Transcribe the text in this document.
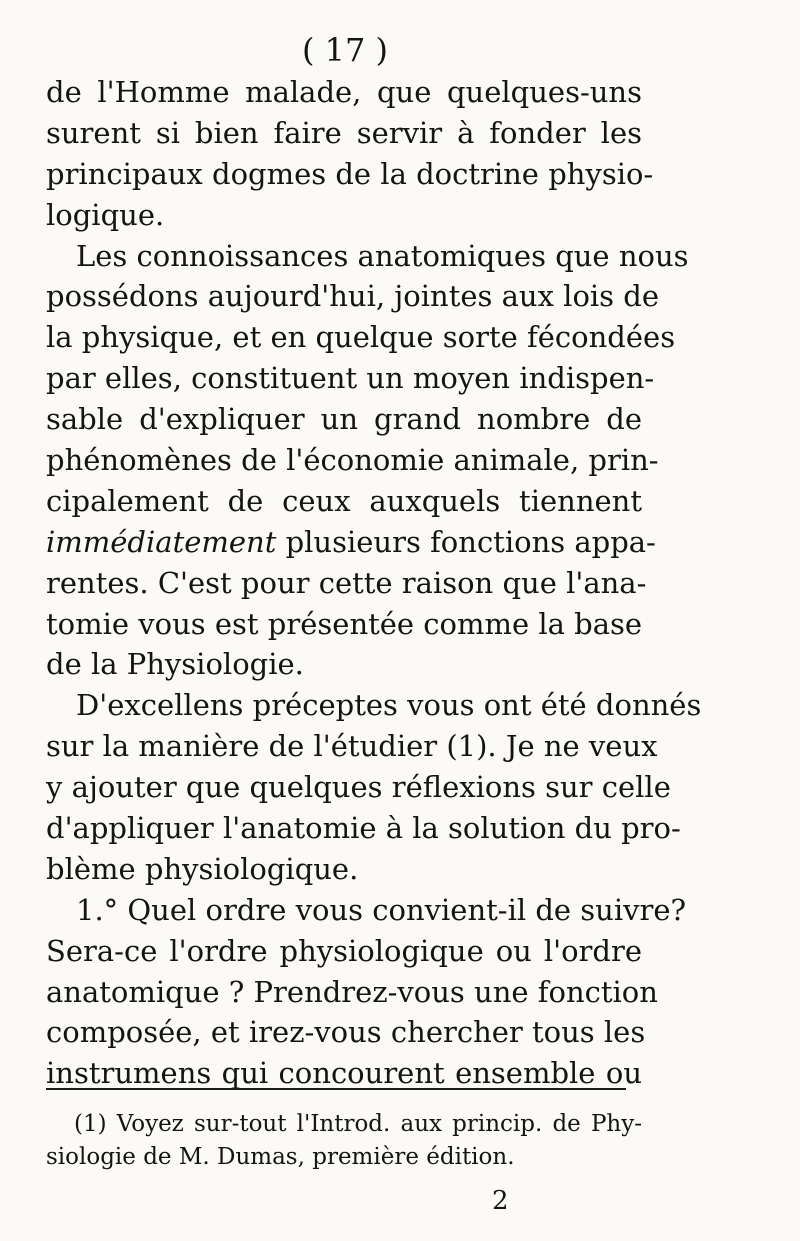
( 17 )
de l'Homme malade, que quelques-uns
surent si bien faire servir à fonder les
principaux dogmes de la doctrine physio-
logique.
Les connoissances anatomiques que nous
possédons aujourd'hui, jointes aux lois de
la physique, et en quelque sorte fécondées
par elles, constituent un moyen indispen-
sable d'expliquer un grand nombre de
phénomènes de l'économie animale, prin-
cipalement de ceux auxquels tiennent
immédiatement plusieurs fonctions appa-
rentes. C'est pour cette raison que l'ana-
tomie vous est présentée comme la base
de la Physiologie.
D'excellens préceptes vous ont été donnés
sur la manière de l'étudier (1). Je ne veux
y ajouter que quelques réflexions sur celle
d'appliquer l'anatomie à la solution du pro-
blème physiologique.
1.° Quel ordre vous convient-il de suivre?
Sera-ce l'ordre physiologique ou l'ordre
anatomique ? Prendrez-vous une fonction
composée, et irez-vous chercher tous les
instrumens qui concourent ensemble ou
(1) Voyez sur-tout l'Introd. aux princip. de Phy-
siologie de M. Dumas, première édition.
2
